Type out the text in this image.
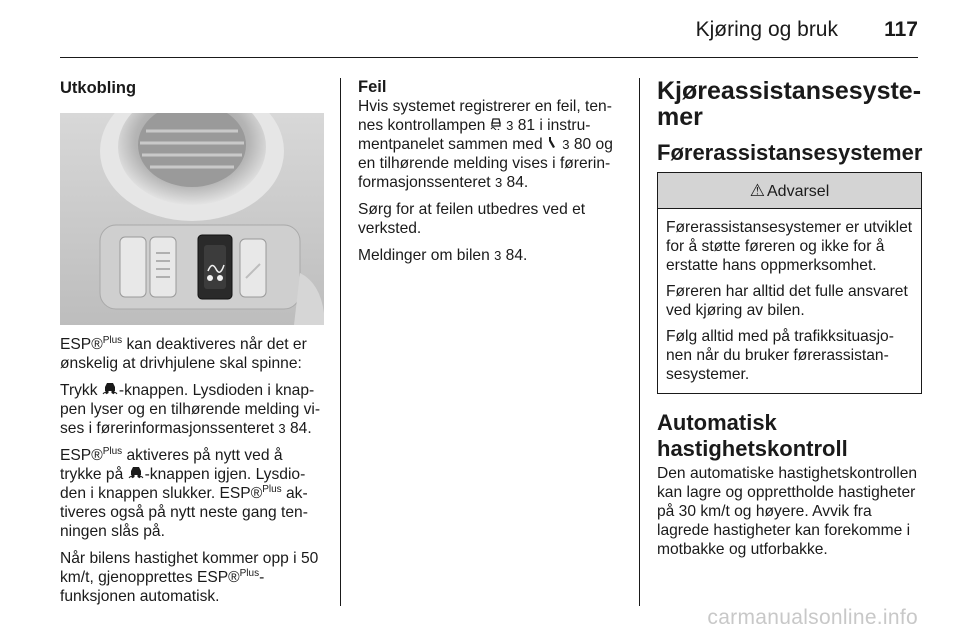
Kjøring og bruk 117
Utkobling

ESP®$^{Plus}$ kan deaktiveres når det er ønskelig at drivhjulene skal spinne:

Trykk -knappen. Lysdioden i knappen lyser og en tilhørende melding vises i førerinformasjonssenteret 3 84.

ESP®$^{Plus}$ aktiveres på nytt ved å trykke på -knappen igjen. Lysdioden i knappen slukker. ESP®$^{Plus}$ aktiveres også på nytt neste gang tenningen slås på.

Når bilens hastighet kommer opp i 50 km/t, gjenopprettes ESP®$^{Plus}$-funksjonen automatisk.

Feil

Hvis systemet registrerer en feil, tennes kontrollampen  3 81 i instrumentpanelet sammen med  3 80 og en tilhørende melding vises i førerinformasjonssenteret 3 84.

Sørg for at feilen utbedres ved et verksted.

Meldinger om bilen 3 84.

Kjøreassistansesystemer
Førerassistansesystemer
⚠ Advarsel

Førerassistansesystemer er utviklet for å støtte føreren og ikke for å erstatte hans oppmerksomhet.

Føreren har alltid det fulle ansvaret ved kjøring av bilen.

Følg alltid med på trafikksituasjonen når du bruker førerassistansesystemer.

Automatisk hastighetskontroll

Den automatiske hastighetskontrollen kan lagre og opprettholde hastigheter på 30 km/t og høyere. Avvik fra lagrede hastigheter kan forekomme i motbakke og utforbakke.

carmanualsonline.info
